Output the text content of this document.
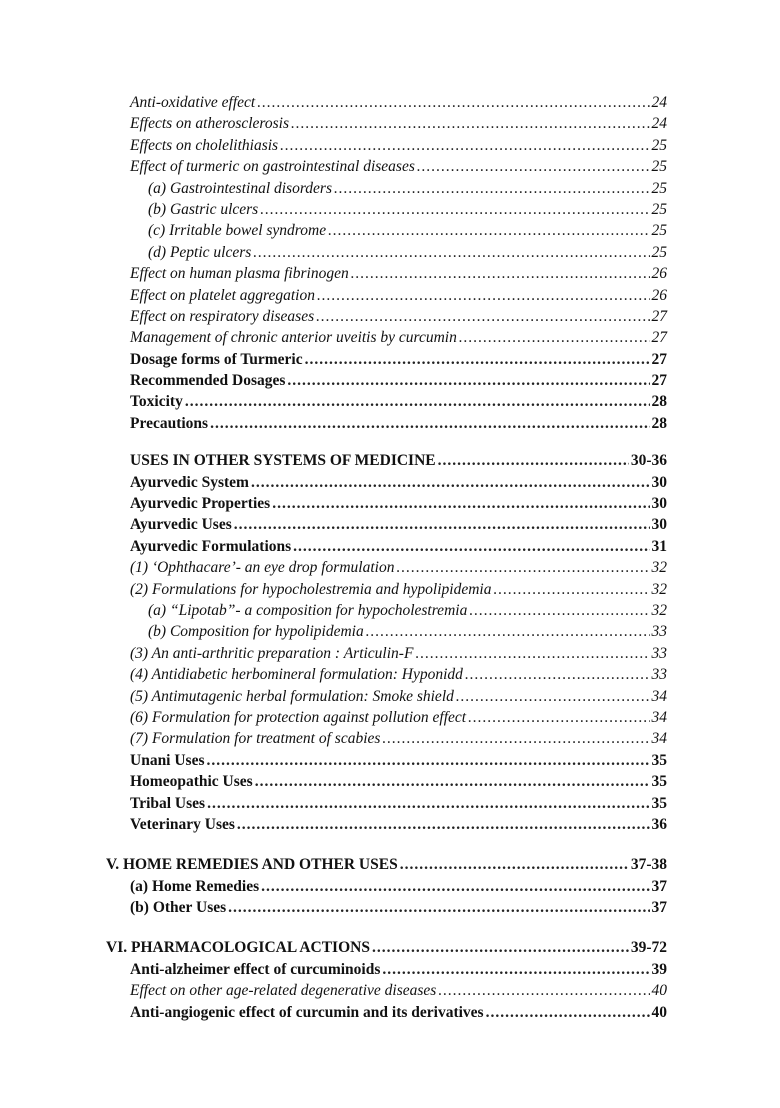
Anti-oxidative effect .....	24
Effects on atherosclerosis .....	24
Effects on cholelithiasis .....	25
Effect of turmeric on gastrointestinal diseases .....	25
(a) Gastrointestinal disorders .....	25
(b) Gastric ulcers .....	25
(c) Irritable bowel syndrome .....	25
(d) Peptic ulcers .....	25
Effect on human plasma fibrinogen .....	26
Effect on platelet aggregation .....	26
Effect on respiratory diseases .....	27
Management of chronic anterior uveitis by curcumin .....	27
Dosage forms of Turmeric .....	27
Recommended Dosages .....	27
Toxicity .....	28
Precautions .....	28
USES IN OTHER SYSTEMS OF MEDICINE .....	30-36
Ayurvedic System .....	30
Ayurvedic Properties .....	30
Ayurvedic Uses .....	30
Ayurvedic Formulations .....	31
(1) ‘Ophthacare’- an eye drop formulation .....	32
(2) Formulations for hypocholestremia and hypolipidemia .....	32
(a) “Lipotab”- a composition for hypocholestremia .....	32
(b) Composition for hypolipidemia .....	33
(3) An anti-arthritic preparation : Articulin-F .....	33
(4) Antidiabetic herbomineral formulation: Hyponidd .....	33
(5) Antimutagenic herbal formulation: Smoke shield .....	34
(6) Formulation for protection against pollution effect .....	34
(7) Formulation for treatment of scabies .....	34
Unani Uses .....	35
Homeopathic Uses .....	35
Tribal Uses .....	35
Veterinary Uses .....	36
V. HOME REMEDIES AND OTHER USES .....	37-38
(a) Home Remedies .....	37
(b) Other Uses .....	37
VI. PHARMACOLOGICAL ACTIONS .....	39-72
Anti-alzheimer effect of curcuminoids .....	39
Effect on other age-related degenerative diseases .....	40
Anti-angiogenic effect of curcumin and its derivatives .....	40
